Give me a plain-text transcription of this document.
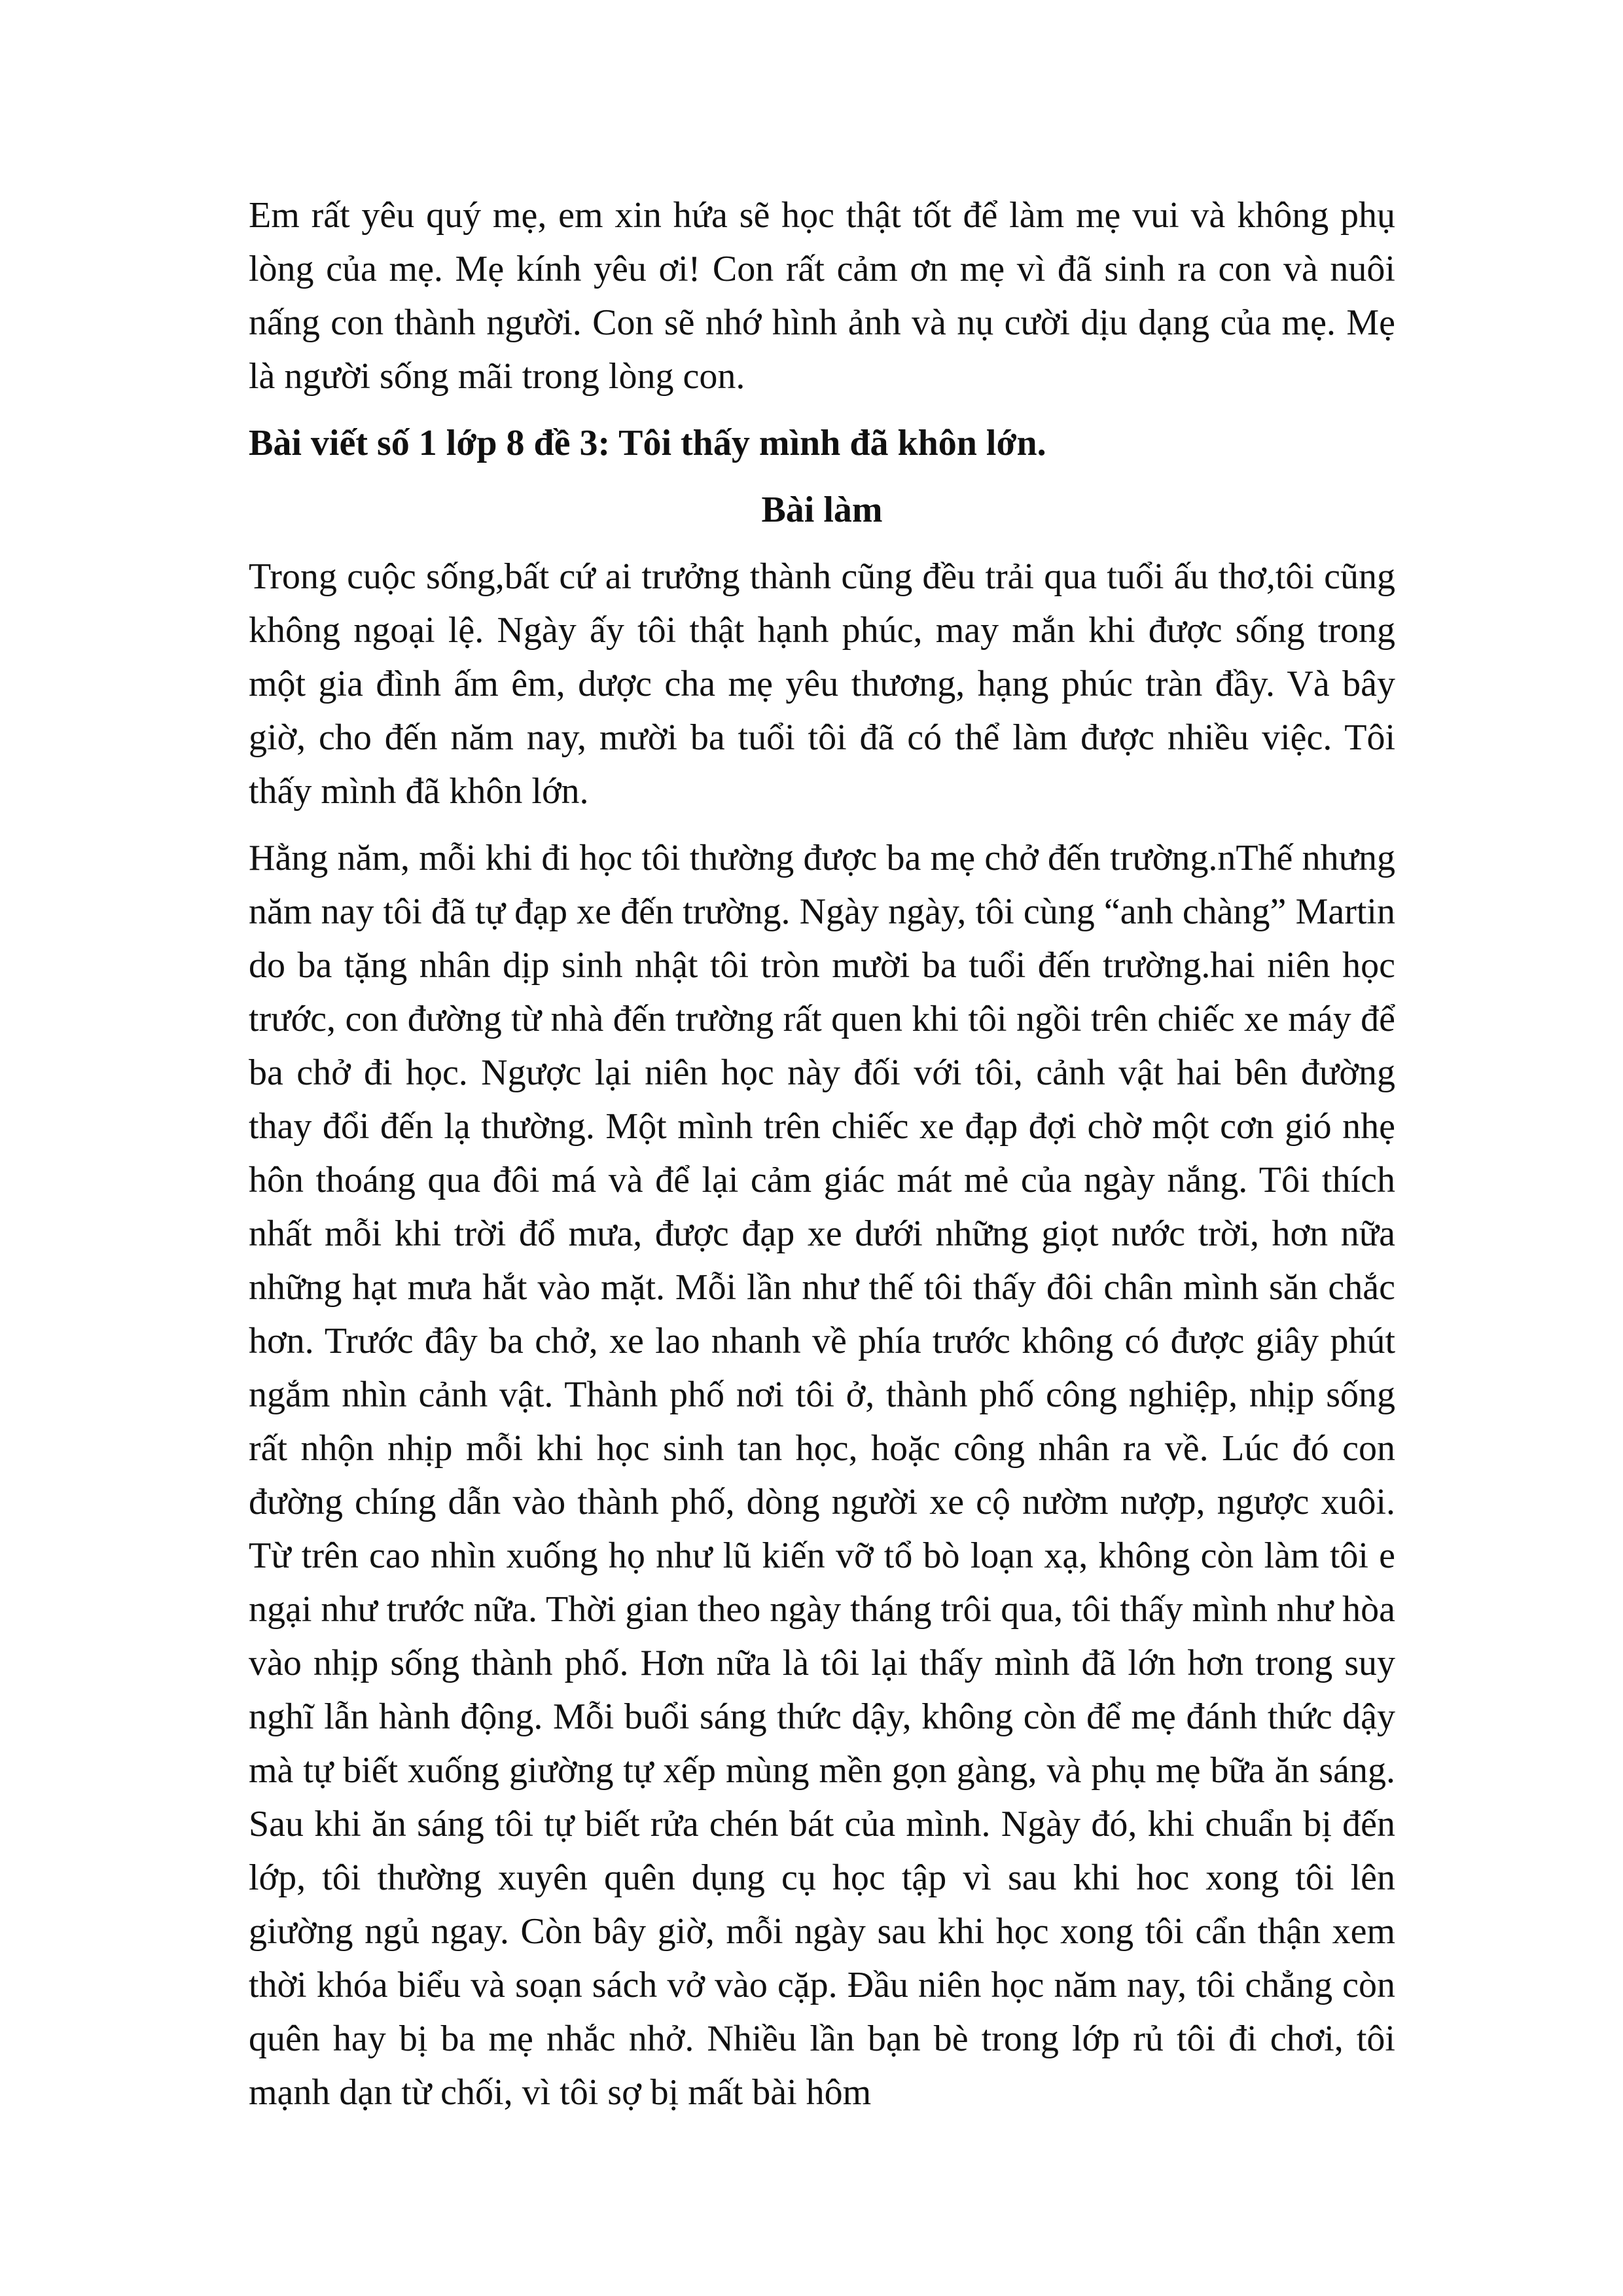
Em rất yêu quý mẹ, em xin hứa sẽ học thật tốt để làm mẹ vui và không phụ lòng của mẹ. Mẹ kính yêu ơi! Con rất cảm ơn mẹ vì đã sinh ra con và nuôi nấng con thành người. Con sẽ nhớ hình ảnh và nụ cười dịu dạng của mẹ. Mẹ là người sống mãi trong lòng con.

Bài viết số 1 lớp 8 đề 3: Tôi thấy mình đã khôn lớn.

Bài làm

Trong cuộc sống,bất cứ ai trưởng thành cũng đều trải qua tuổi ấu thơ,tôi cũng không ngoại lệ. Ngày ấy tôi thật hạnh phúc, may mắn khi được sống trong một gia đình ấm êm, dược cha mẹ yêu thương, hạng phúc tràn đầy. Và bây giờ, cho đến năm nay, mười ba tuổi tôi đã có thể làm được nhiều việc. Tôi thấy mình đã khôn lớn.

Hằng năm, mỗi khi đi học tôi thường được ba mẹ chở đến trường.nThế nhưng năm nay tôi đã tự đạp xe đến trường. Ngày ngày, tôi cùng “anh chàng” Martin do ba tặng nhân dịp sinh nhật tôi tròn mười ba tuổi đến trường.hai niên học trước, con đường từ nhà đến trường rất quen khi tôi ngồi trên chiếc xe máy để ba chở đi học. Ngược lại niên học này đối với tôi, cảnh vật hai bên đường thay đổi đến lạ thường. Một mình trên chiếc xe đạp đợi chờ một cơn gió nhẹ hôn thoáng qua đôi má và để lại cảm giác mát mẻ của ngày nắng. Tôi thích nhất mỗi khi trời đổ mưa, được đạp xe dưới những giọt nước trời, hơn nữa những hạt mưa hắt vào mặt. Mỗi lần như thế tôi thấy đôi chân mình săn chắc hơn. Trước đây ba chở, xe lao nhanh về phía trước không có được giây phút ngắm nhìn cảnh vật. Thành phố nơi tôi ở, thành phố công nghiệp, nhịp sống rất nhộn nhịp mỗi khi học sinh tan học, hoặc công nhân ra về. Lúc đó con đường chíng dẫn vào thành phố, dòng người xe cộ nườm nượp, ngược xuôi. Từ trên cao nhìn xuống họ như lũ kiến vỡ tổ bò loạn xạ, không còn làm tôi e ngại như trước nữa. Thời gian theo ngày tháng trôi qua, tôi thấy mình như hòa vào nhịp sống thành phố. Hơn nữa là tôi lại thấy mình đã lớn hơn trong suy nghĩ lẫn hành động. Mỗi buổi sáng thức dậy, không còn để mẹ đánh thức dậy mà tự biết xuống giường tự xếp mùng mền gọn gàng, và phụ mẹ bữa ăn sáng. Sau khi ăn sáng tôi tự biết rửa chén bát của mình. Ngày đó, khi chuẩn bị đến lớp, tôi thường xuyên quên dụng cụ học tập vì sau khi hoc xong tôi lên giường ngủ ngay. Còn bây giờ, mỗi ngày sau khi học xong tôi cẩn thận xem thời khóa biểu và soạn sách vở vào cặp. Đầu niên học năm nay, tôi chẳng còn quên hay bị ba mẹ nhắc nhở. Nhiều lần bạn bè trong lớp rủ tôi đi chơi, tôi mạnh dạn từ chối, vì tôi sợ bị mất bài hôm
